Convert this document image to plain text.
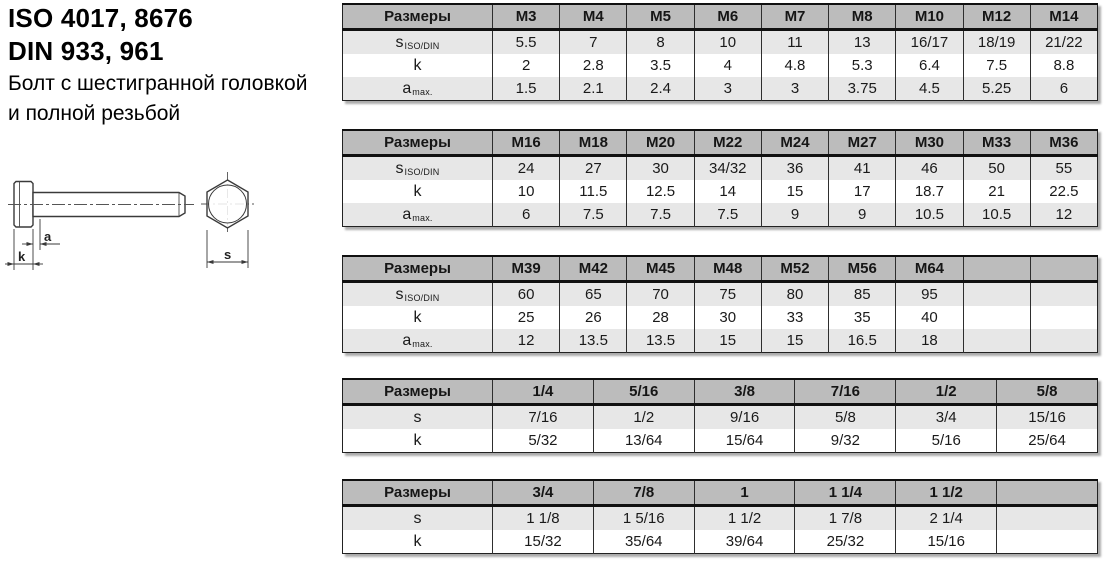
ISO 4017, 8676
DIN 933, 961
Болт с шестигранной головкой
и полной резьбой
a
k	s
Размеры	M3	M4	M5	M6	M7	M8	M10	M12	M14
sISO/DIN	5.5	7	8	10	11	13	16/17	18/19	21/22
k	2	2.8	3.5	4	4.8	5.3	6.4	7.5	8.8
amax.	1.5	2.1	2.4	3	3	3.75	4.5	5.25	6
Размеры	M16	M18	M20	M22	M24	M27	M30	M33	M36
sISO/DIN	24	27	30	34/32	36	41	46	50	55
k	10	11.5	12.5	14	15	17	18.7	21	22.5
amax.	6	7.5	7.5	7.5	9	9	10.5	10.5	12
Размеры	M39	M42	M45	M48	M52	M56	M64		
sISO/DIN	60	65	70	75	80	85	95		
k	25	26	28	30	33	35	40		
amax.	12	13.5	13.5	15	15	16.5	18		
Размеры	1/4	5/16	3/8	7/16	1/2	5/8
s	7/16	1/2	9/16	5/8	3/4	15/16
k	5/32	13/64	15/64	9/32	5/16	25/64
Размеры	3/4	7/8	1	1 1/4	1 1/2	
s	1 1/8	1 5/16	1 1/2	1 7/8	2 1/4	
k	15/32	35/64	39/64	25/32	15/16	
